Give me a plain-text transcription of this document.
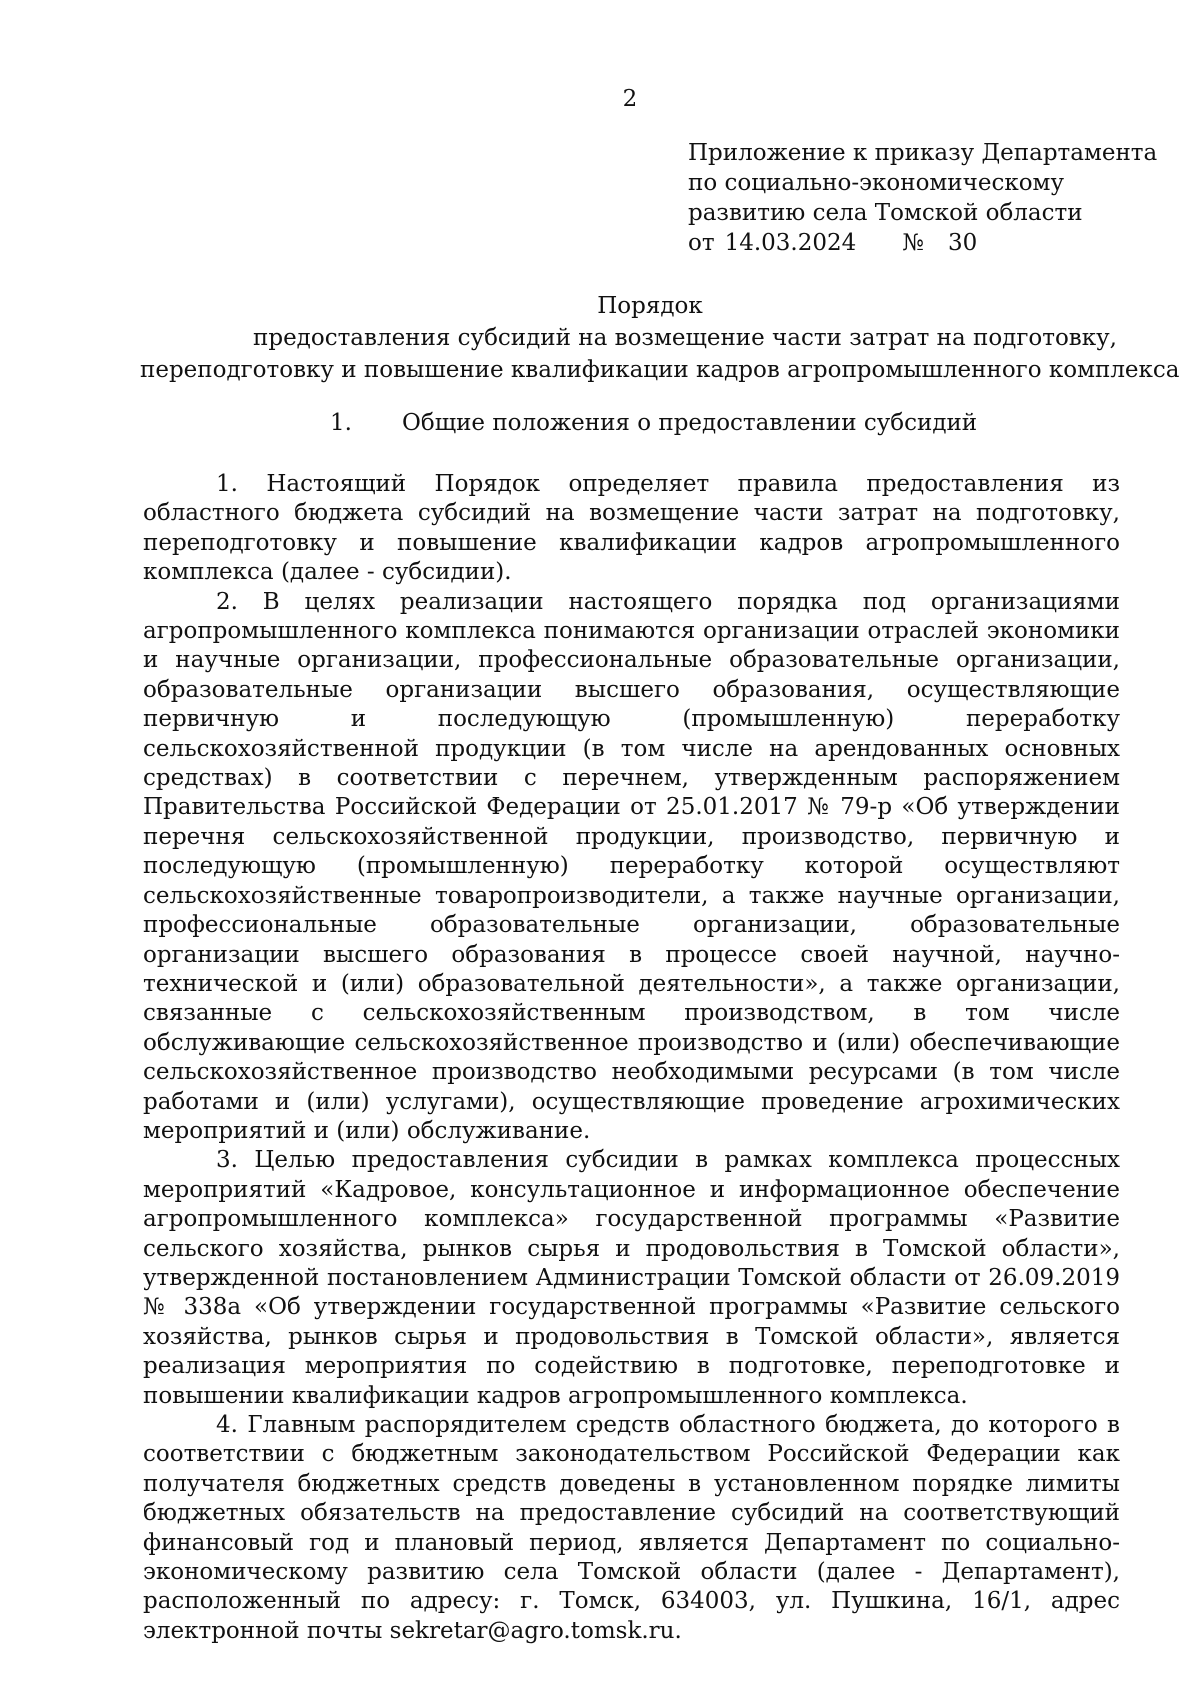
2
Приложение к приказу Департамента
по социально-экономическому
развитию села Томской области
от 14.03.2024 № 30
Порядок
предоставления субсидий на возмещение части затрат на подготовку,
переподготовку и повышение квалификации кадров агропромышленного комплекса
1. Общие положения о предоставлении субсидий

1. Настоящий Порядок определяет правила предоставления из областного бюджета субсидий на возмещение части затрат на подготовку, переподготовку и повышение квалификации кадров агропромышленного комплекса (далее - субсидии).

2. В целях реализации настоящего порядка под организациями агропромышленного комплекса понимаются организации отраслей экономики и научные организации, профессиональные образовательные организации, образовательные организации высшего образования, осуществляющие первичную и последующую (промышленную) переработку сельскохозяйственной продукции (в том числе на арендованных основных средствах) в соответствии с перечнем, утвержденным распоряжением Правительства Российской Федерации от 25.01.2017 № 79-р «Об утверждении перечня сельскохозяйственной продукции, производство, первичную и последующую (промышленную) переработку которой осуществляют сельскохозяйственные товаропроизводители, а также научные организации, профессиональные образовательные организации, образовательные организации высшего образования в процессе своей научной, научно-технической и (или) образовательной деятельности», а также организации, связанные с сельскохозяйственным производством, в том числе обслуживающие сельскохозяйственное производство и (или) обеспечивающие сельскохозяйственное производство необходимыми ресурсами (в том числе работами и (или) услугами), осуществляющие проведение агрохимических мероприятий и (или) обслуживание.

3. Целью предоставления субсидии в рамках комплекса процессных мероприятий «Кадровое, консультационное и информационное обеспечение агропромышленного комплекса» государственной программы «Развитие сельского хозяйства, рынков сырья и продовольствия в Томской области», утвержденной постановлением Администрации Томской области от 26.09.2019 № 338а «Об утверждении государственной программы «Развитие сельского хозяйства, рынков сырья и продовольствия в Томской области», является реализация мероприятия по содействию в подготовке, переподготовке и повышении квалификации кадров агропромышленного комплекса.

4. Главным распорядителем средств областного бюджета, до которого в соответствии с бюджетным законодательством Российской Федерации как получателя бюджетных средств доведены в установленном порядке лимиты бюджетных обязательств на предоставление субсидий на соответствующий финансовый год и плановый период, является Департамент по социально-экономическому развитию села Томской области (далее - Департамент), расположенный по адресу: г. Томск, 634003, ул. Пушкина, 16/1, адрес электронной почты sekretar@agro.tomsk.ru.
